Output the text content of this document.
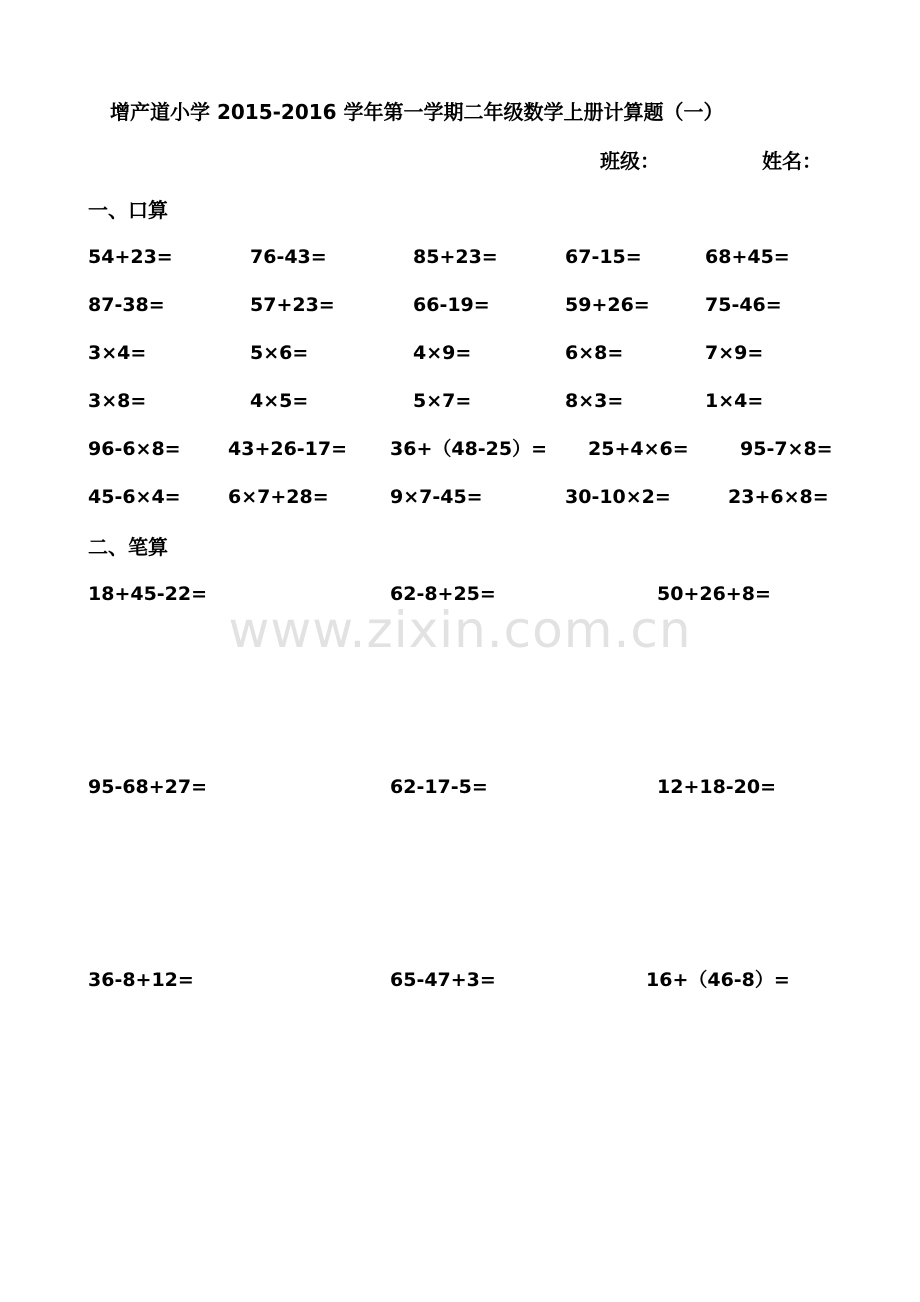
www.zixin.com.cn
增产道小学 2015-2016 学年第一学期二年级数学上册计算题（一）
班级：	姓名：
一、口算
54+23=	76-43=	85+23=	67-15=	68+45=
87-38=	57+23=	66-19=	59+26=	75-46=
3×4=	5×6=	4×9=	6×8=	7×9=
3×8=	4×5=	5×7=	8×3=	1×4=
96-6×8= 43+26-17= 36+（48-25）= 25+4×6=	95-7×8=
45-6×4= 6×7+28=	9×7-45=	30-10×2=	23+6×8=
二、笔算
18+45-22=	62-8+25=	50+26+8=
95-68+27=	62-17-5=	12+18-20=
36-8+12=	65-47+3=	16+（46-8）=
